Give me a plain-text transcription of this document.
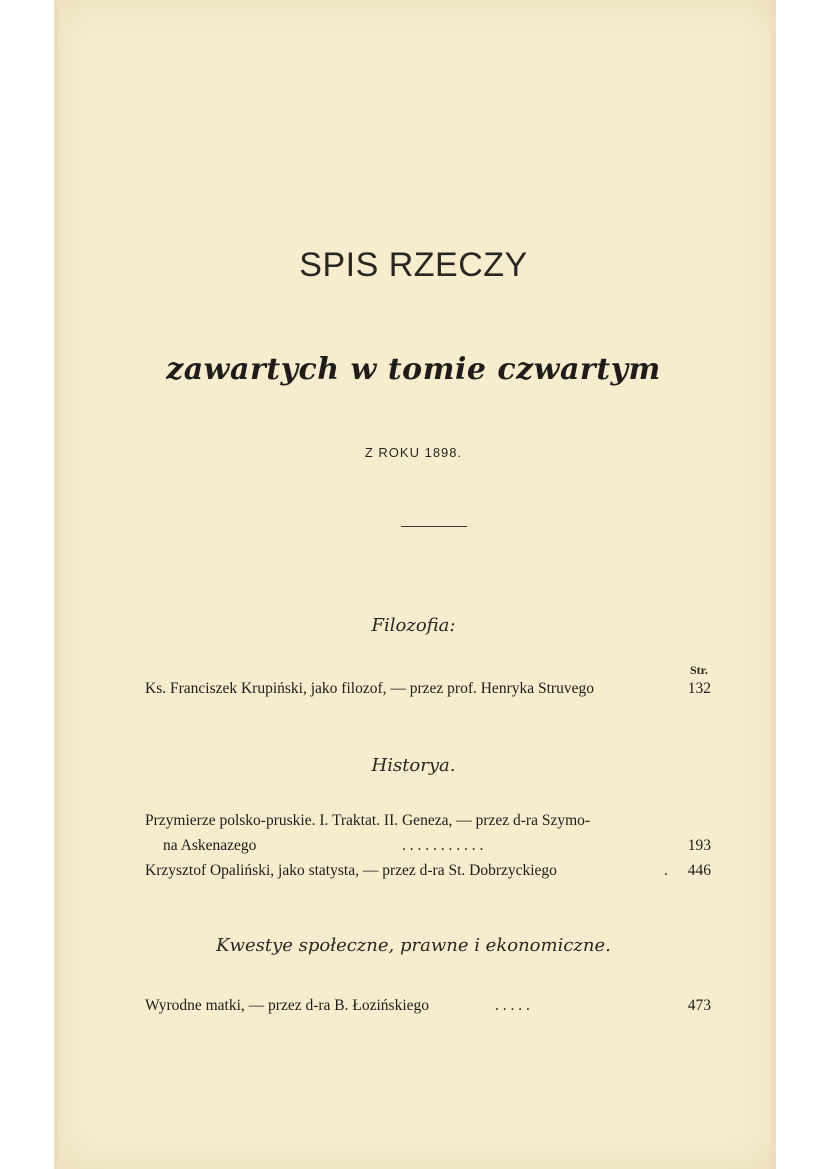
SPIS RZECZY
zawartych w tomie czwartym
Z ROKU 1898.
Filozofia:
Str.
Ks. Franciszek Krupiński, jako filozof, — przez prof. Henryka Struvego	132
Historya.
Przymierze polsko-pruskie. I. Traktat. II. Geneza, — przez d-ra Szymo-
na Askenazego	. . . . . . . . . . .	193
Krzysztof Opaliński, jako statysta, — przez d-ra St. Dobrzyckiego	. 446
Kwestye społeczne, prawne i ekonomiczne.
Wyrodne matki, — przez d-ra B. Łozińskiego	. . . . .	473
